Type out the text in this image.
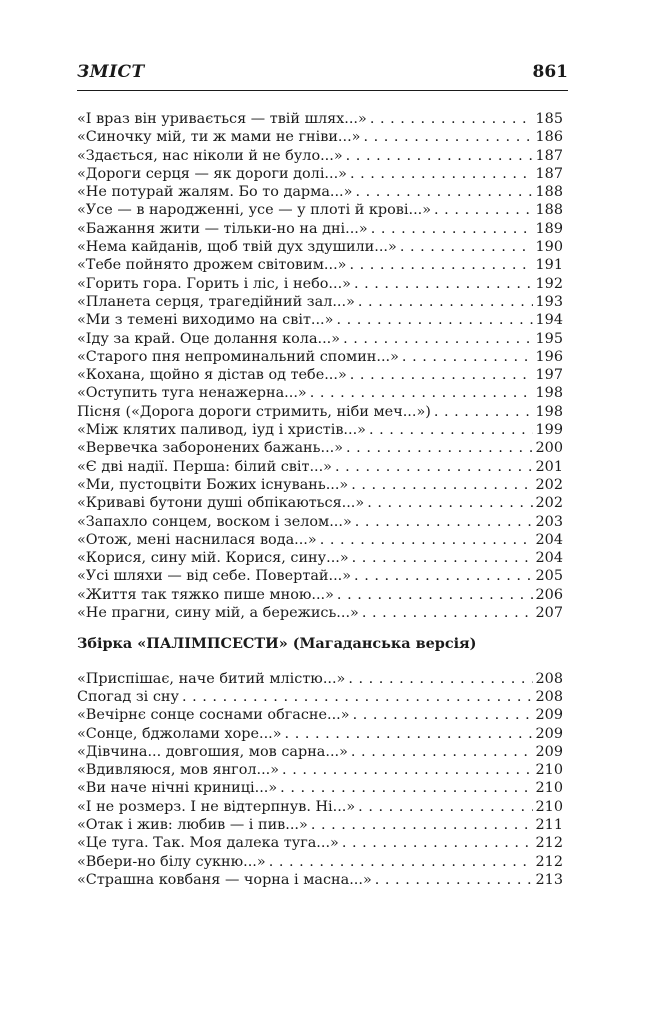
ЗМІСТ	861
«І враз він уривається — твій шлях...» . . .	185
«Синочку мій, ти ж мами не гніви...» . . .	186
«Здається, нас ніколи й не було...» . . .	187
«Дороги серця — як дороги долі...» . . .	187
«Не потурай жалям. Бо то дарма...» . . .	188
«Усе — в народженні, усе — у плоті й крові...» . . .	188
«Бажання жити — тільки-но на дні...» . . .	189
«Нема кайданів, щоб твій дух здушили...» . . .	190
«Тебе пойнято дрожем світовим...» . . .	191
«Горить гора. Горить і ліс, і небо...» . . .	192
«Планета серця, трагедійний зал...» . . .	193
«Ми з темені виходимо на світ...» . . .	194
«Іду за край. Оце долання кола...» . . .	195
«Старого пня непроминальний спомин...» . . .	196
«Кохана, щойно я дістав од тебе...» . . .	197
«Оступить туга ненажерна...» . . .	198
Пісня («Дорога дороги стримить, ніби меч...») . . .	198
«Між клятих паливод, іуд і христів...» . . .	199
«Вервечка заборонених бажань...» . . .	200
«Є дві надії. Перша: білий світ...» . . .	201
«Ми, пустоцвіти Божих існувань...» . . .	202
«Криваві бутони душі обпікаються...» . . .	202
«Запахло сонцем, воском і зелом...» . . .	203
«Отож, мені наснилася вода...» . . .	204
«Корися, сину мій. Корися, сину...» . . .	204
«Усі шляхи — від себе. Повертай...» . . .	205
«Життя так тяжко пише мною...» . . .	206
«Не прагни, сину мій, а бережись...» . . .	207
Збірка «ПАЛІМПСЕСТИ» (Магаданська версія)
«Приспішає, наче битий млістю...» . . .	208
Спогад зі сну . . .	208
«Вечірнє сонце соснами обгасне...» . . .	209
«Сонце, бджолами хоре...» . . .	209
«Дівчина... довгошия, мов сарна...» . . .	209
«Вдивляюся, мов янгол...» . . .	210
«Ви наче нічні криниці...» . . .	210
«І не розмерз. І не відтерпнув. Ні...» . . .	210
«Отак і жив: любив — і пив...» . . .	211
«Це туга. Так. Моя далека туга...» . . .	212
«Вбери-но білу сукню...» . . .	212
«Страшна ковбаня — чорна і масна...» . . .	213
